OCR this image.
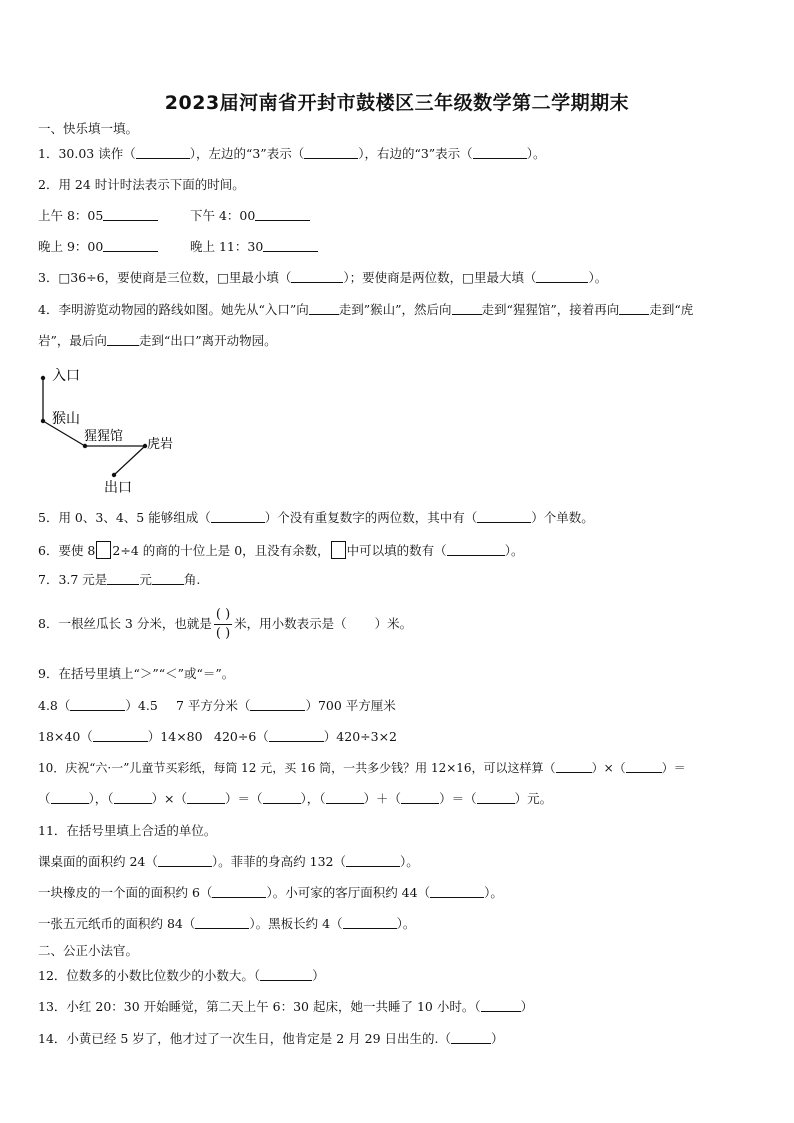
2023届河南省开封市鼓楼区三年级数学第二学期期末
一、快乐填一填。
1．30.03 读作（	），左边的“3”表示（	），右边的“3”表示（	）。
2．用 24 时计时法表示下面的时间。
上午 8：05	下午 4：00
晚上 9：00	晚上 11：30
3．□36÷6，要使商是三位数，□里最小填（	）；要使商是两位数，□里最大填（	）。
4．李明游览动物园的路线如图。她先从“入口”向 走到”猴山”，然后向 走到“猩猩馆”，接着再向 走到“虎
岩”，最后向	走到“出口”离开动物园。
入口
猴山
猩猩馆
虎岩
出口
5．用 0、3、4、5 能够组成（	）个没有重复数字的两位数，其中有（	）个单数。
6．要使 8 2÷4 的商的十位上是 0，且没有余数， 中可以填的数有（	）。
7．3.7 元是	元	角.
8．一根丝瓜长 3 分米，也就是 $\frac{( )}{( )}$ 米，用小数表示是（ ）米。
9．在括号里填上“＞”“＜”或“＝”。
4.8（	）4.5 7 平方分米（	）700 平方厘米
18×40（	）14×80 420÷6（	）420÷3×2
10．庆祝“六·一”儿童节买彩纸，每筒 12 元，买 16 筒，一共多少钱？用 12×16，可以这样算（	）×（	）＝
（	），（	）×（	）＝（	），（	）＋（	）＝（	）元。
11．在括号里填上合适的单位。
课桌面的面积约 24（	）。菲菲的身高约 132（	）。
一块橡皮的一个面的面积约 6（	）。小可家的客厅面积约 44（	）。
一张五元纸币的面积约 84（	）。黑板长约 4（	）。
二、公正小法官。
12．位数多的小数比位数少的小数大。（	）
13．小红 20：30 开始睡觉，第二天上午 6：30 起床，她一共睡了 10 小时。（	）
14．小黄已经 5 岁了，他才过了一次生日，他肯定是 2 月 29 日出生的.（	）
